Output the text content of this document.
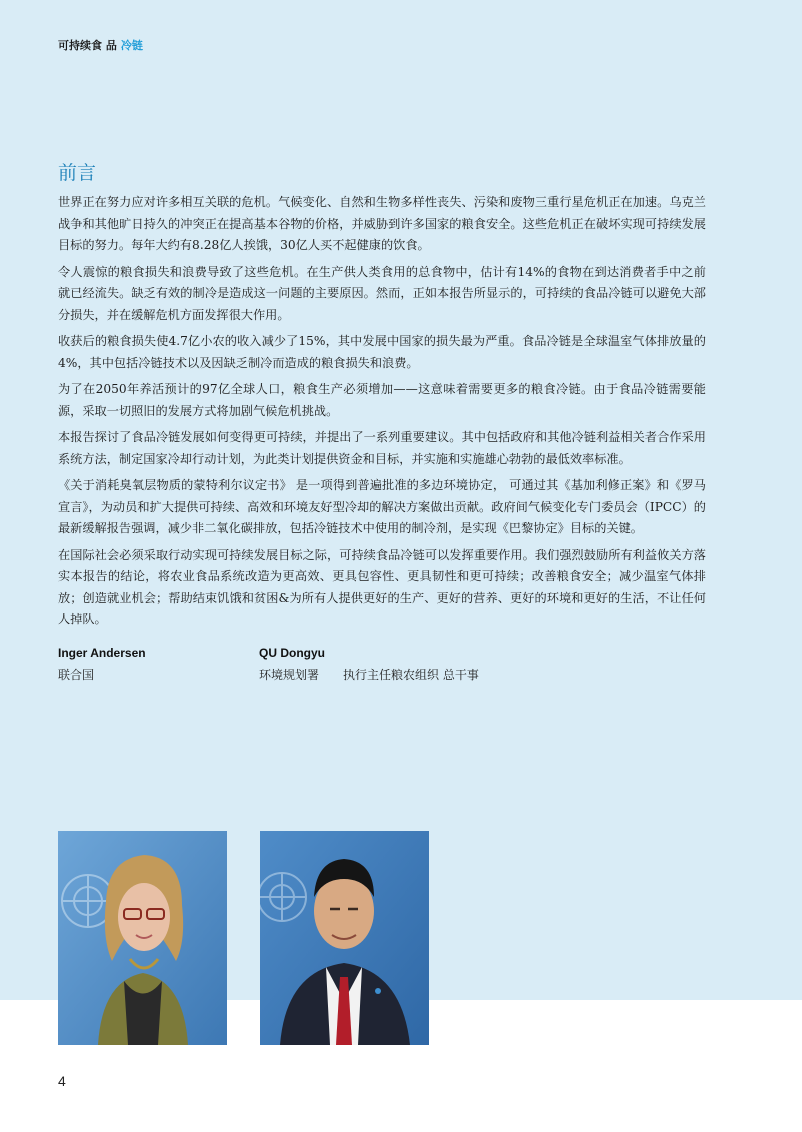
可持续食 品 冷链
前言

世界正在努力应对许多相互关联的危机。气候变化、自然和生物多样性丧失、污染和废物三重行星危机正在加速。乌克兰战争和其他旷日持久的冲突正在提高基本谷物的价格，并威胁到许多国家的粮食安全。这些危机正在破坏实现可持续发展目标的努力。每年大约有8.28亿人挨饿，30亿人买不起健康的饮食。

令人震惊的粮食损失和浪费导致了这些危机。在生产供人类食用的总食物中，估计有14%的食物在到达消费者手中之前就已经流失。缺乏有效的制冷是造成这一问题的主要原因。然而，正如本报告所显示的，可持续的食品冷链可以避免大部分损失，并在缓解危机方面发挥很大作用。

收获后的粮食损失使4.7亿小农的收入减少了15%，其中发展中国家的损失最为严重。食品冷链是全球温室气体排放量的4%，其中包括冷链技术以及因缺乏制冷而造成的粮食损失和浪费。

为了在2050年养活预计的97亿全球人口，粮食生产必须增加——这意味着需要更多的粮食冷链。由于食品冷链需要能源，采取一切照旧的发展方式将加剧气候危机挑战。

本报告探讨了食品冷链发展如何变得更可持续，并提出了一系列重要建议。其中包括政府和其他冷链利益相关者合作采用系统方法，制定国家冷却行动计划，为此类计划提供资金和目标，并实施和实施雄心勃勃的最低效率标准。

《关于消耗臭氧层物质的蒙特利尔议定书》 是一项得到普遍批准的多边环境协定， 可通过其《基加利修正案》和《罗马宣言》，为动员和扩大提供可持续、高效和环境友好型冷却的解决方案做出贡献。政府间气候变化专门委员会（IPCC）的最新缓解报告强调，减少非二氧化碳排放，包括冷链技术中使用的制冷剂，是实现《巴黎协定》目标的关键。

在国际社会必须采取行动实现可持续发展目标之际，可持续食品冷链可以发挥重要作用。我们强烈鼓励所有利益攸关方落实本报告的结论，将农业食品系统改造为更高效、更具包容性、更具韧性和更可持续；改善粮食安全；减少温室气体排放；创造就业机会；帮助结束饥饿和贫困&为所有人提供更好的生产、更好的营养、更好的环境和更好的生活，不让任何人掉队。

Inger Andersen
联合国
QU Dongyu
环境规划署　　执行主任粮农组织 总干事
4
